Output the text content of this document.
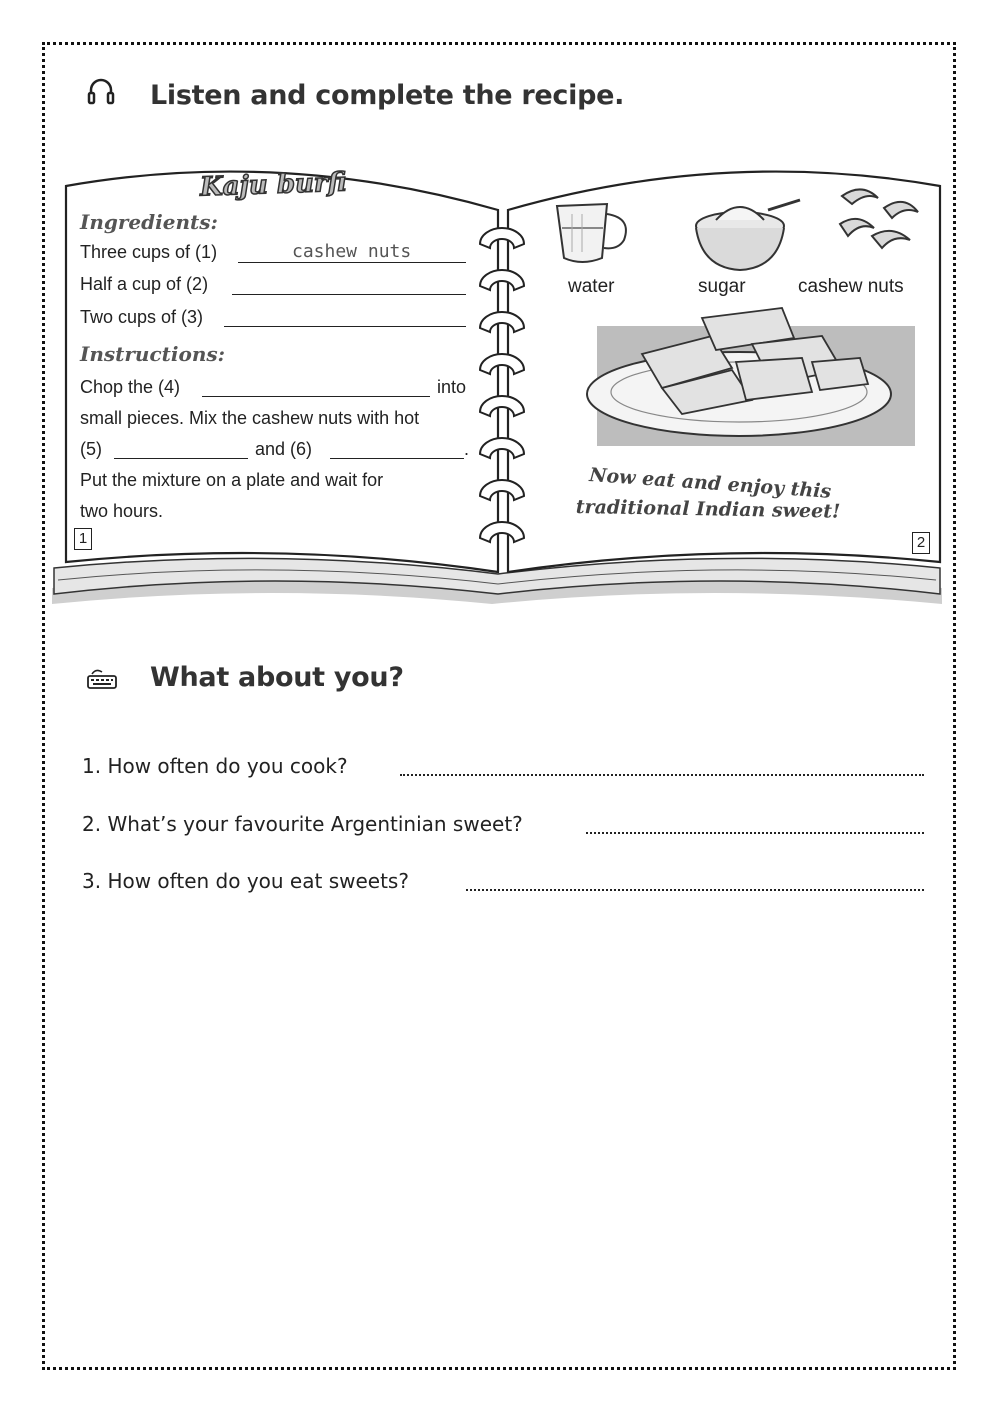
Listen and complete the recipe.
Kaju burfi
Ingredients:
Three cups of (1)	cashew nuts
Half a cup of (2)
Two cups of (3)
Instructions:
Chop the (4)	into
small pieces. Mix the cashew nuts with hot
(5)	and (6)	.
Put the mixture on a plate and wait for
two hours.
1	2
water	sugar	cashew nuts
Now eat and enjoy this
traditional Indian sweet!
What about you?
1. How often do you cook?
2. What’s your favourite Argentinian sweet?
3. How often do you eat sweets?
